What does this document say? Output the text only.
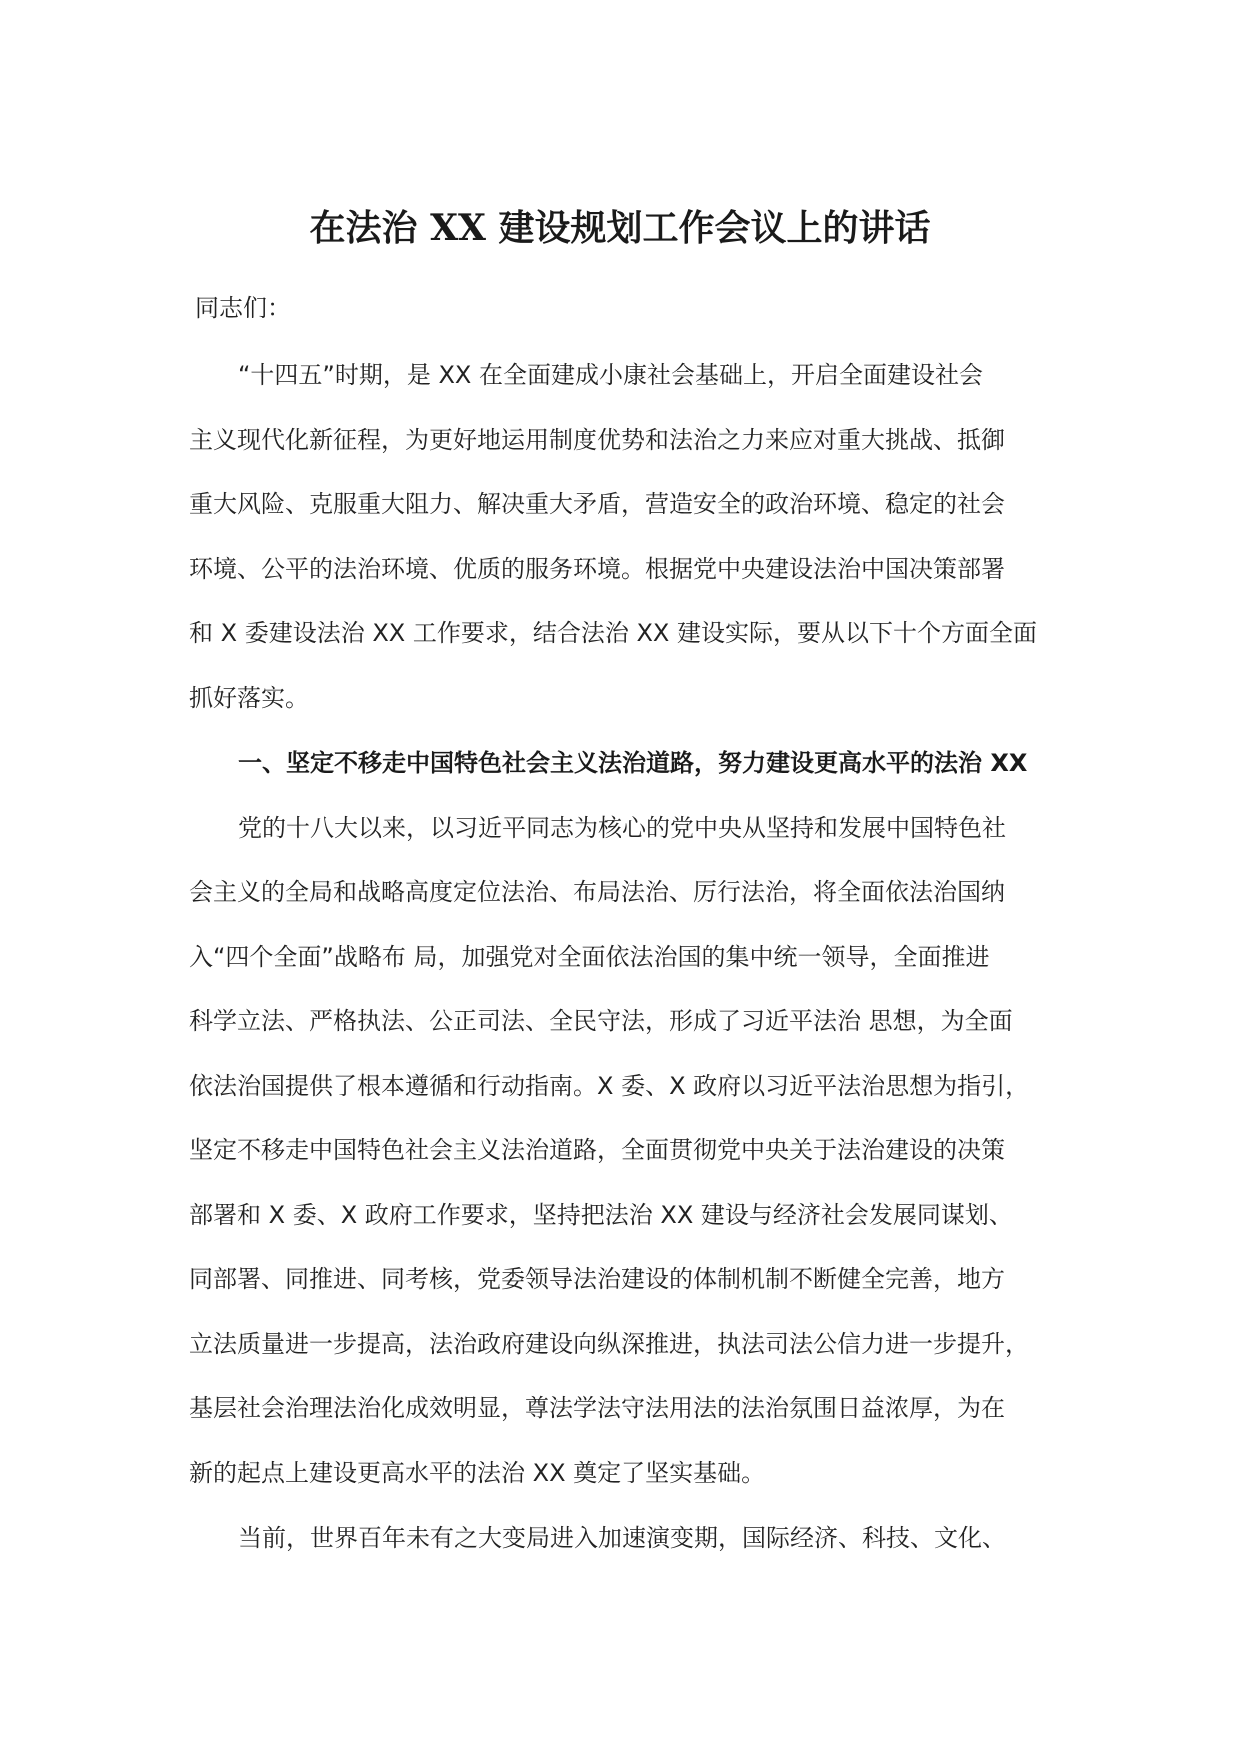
在法治 XX 建设规划工作会议上的讲话
同志们：
“十四五”时期，是 XX 在全面建成小康社会基础上，开启全面建设社会
主义现代化新征程，为更好地运用制度优势和法治之力来应对重大挑战、抵御
重大风险、克服重大阻力、解决重大矛盾，营造安全的政治环境、稳定的社会
环境、公平的法治环境、优质的服务环境。根据党中央建设法治中国决策部署
和 X 委建设法治 XX 工作要求，结合法治 XX 建设实际，要从以下十个方面全面
抓好落实。
一、坚定不移走中国特色社会主义法治道路，努力建设更高水平的法治 XX
党的十八大以来，以习近平同志为核心的党中央从坚持和发展中国特色社
会主义的全局和战略高度定位法治、布局法治、厉行法治，将全面依法治国纳
入“四个全面”战略布 局，加强党对全面依法治国的集中统一领导，全面推进
科学立法、严格执法、公正司法、全民守法，形成了习近平法治 思想，为全面
依法治国提供了根本遵循和行动指南。X 委、X 政府以习近平法治思想为指引，
坚定不移走中国特色社会主义法治道路，全面贯彻党中央关于法治建设的决策
部署和 X 委、X 政府工作要求，坚持把法治 XX 建设与经济社会发展同谋划、
同部署、同推进、同考核，党委领导法治建设的体制机制不断健全完善，地方
立法质量进一步提高，法治政府建设向纵深推进，执法司法公信力进一步提升，
基层社会治理法治化成效明显，尊法学法守法用法的法治氛围日益浓厚，为在
新的起点上建设更高水平的法治 XX 奠定了坚实基础。
当前，世界百年未有之大变局进入加速演变期，国际经济、科技、文化、
